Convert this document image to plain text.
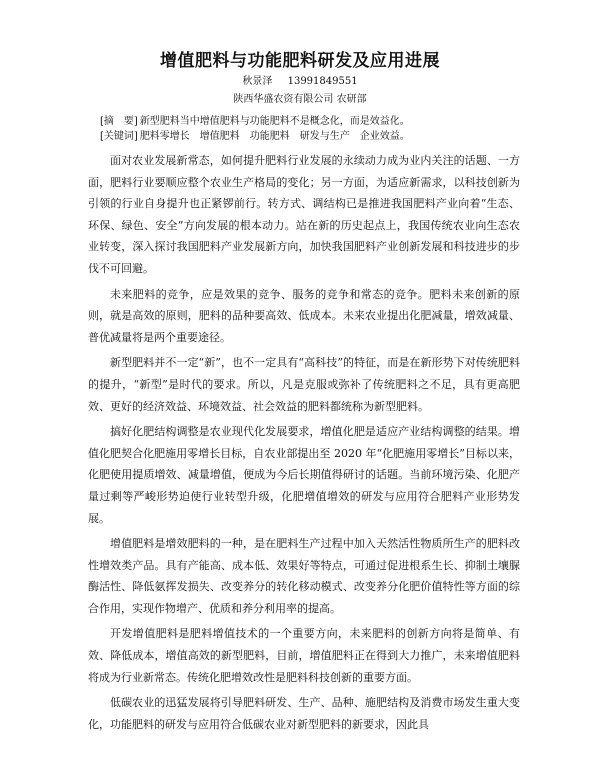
增值肥料与功能肥料研发及应用进展
秋景泽 13991849551
陕西华盛农资有限公司 农研部
[摘　要] 新型肥料当中增值肥料与功能肥料不是概念化，而是效益化。
[关键词] 肥料零增长　增值肥料　功能肥料　研发与生产　企业效益。

面对农业发展新常态，如何提升肥料行业发展的永续动力成为业内关注的话题、一方面，肥料行业要顺应整个农业生产格局的变化；另一方面，为适应新需求，以科技创新为引领的行业自身提升也正紧锣前行。转方式、调结构已是推进我国肥料产业向着“生态、环保、绿色、安全”方向发展的根本动力。站在新的历史起点上，我国传统农业向生态农业转变，深入探讨我国肥料产业发展新方向，加快我国肥料产业创新发展和科技进步的步伐不可回避。

未来肥料的竞争，应是效果的竞争、服务的竞争和常态的竞争。肥料未来创新的原则，就是高效的原则，肥料的品种要高效、低成本。未来农业提出化肥减量，增效减量、普优减量将是两个重要途径。

新型肥料并不一定“新”，也不一定具有“高科技”的特征，而是在新形势下对传统肥料的提升，“新型”是时代的要求。所以，凡是克服或弥补了传统肥料之不足，具有更高肥效、更好的经济效益、环境效益、社会效益的肥料都统称为新型肥料。

搞好化肥结构调整是农业现代化发展要求，增值化肥是适应产业结构调整的结果。增值化肥契合化肥施用零增长目标，自农业部提出至 2020 年“化肥施用零增长”目标以来，化肥使用提质增效、减量增值，便成为今后长期值得研讨的话题。当前环境污染、化肥产量过剩等严峻形势迫使行业转型升级，化肥增值增效的研发与应用符合肥料产业形势发展。

增值肥料是增效肥料的一种，是在肥料生产过程中加入天然活性物质所生产的肥料改性增效类产品。具有产能高、成本低、效果好等特点，可通过促进根系生长、抑制土壤脲酶活性、降低氨挥发损失、改变养分的转化移动模式、改变养分化肥价值特性等方面的综合作用，实现作物增产、优质和养分利用率的提高。

开发增值肥料是肥料增值技术的一个重要方向，未来肥料的创新方向将是简单、有效、降低成本，增值高效的新型肥料，目前，增值肥料正在得到大力推广，未来增值肥料将成为行业新常态。传统化肥增效改性是肥料科技创新的重要方面。

低碳农业的迅猛发展将引导肥料研发、生产、品种、施肥结构及消费市场发生重大变化，功能肥料的研发与应用符合低碳农业对新型肥料的新要求，因此具
